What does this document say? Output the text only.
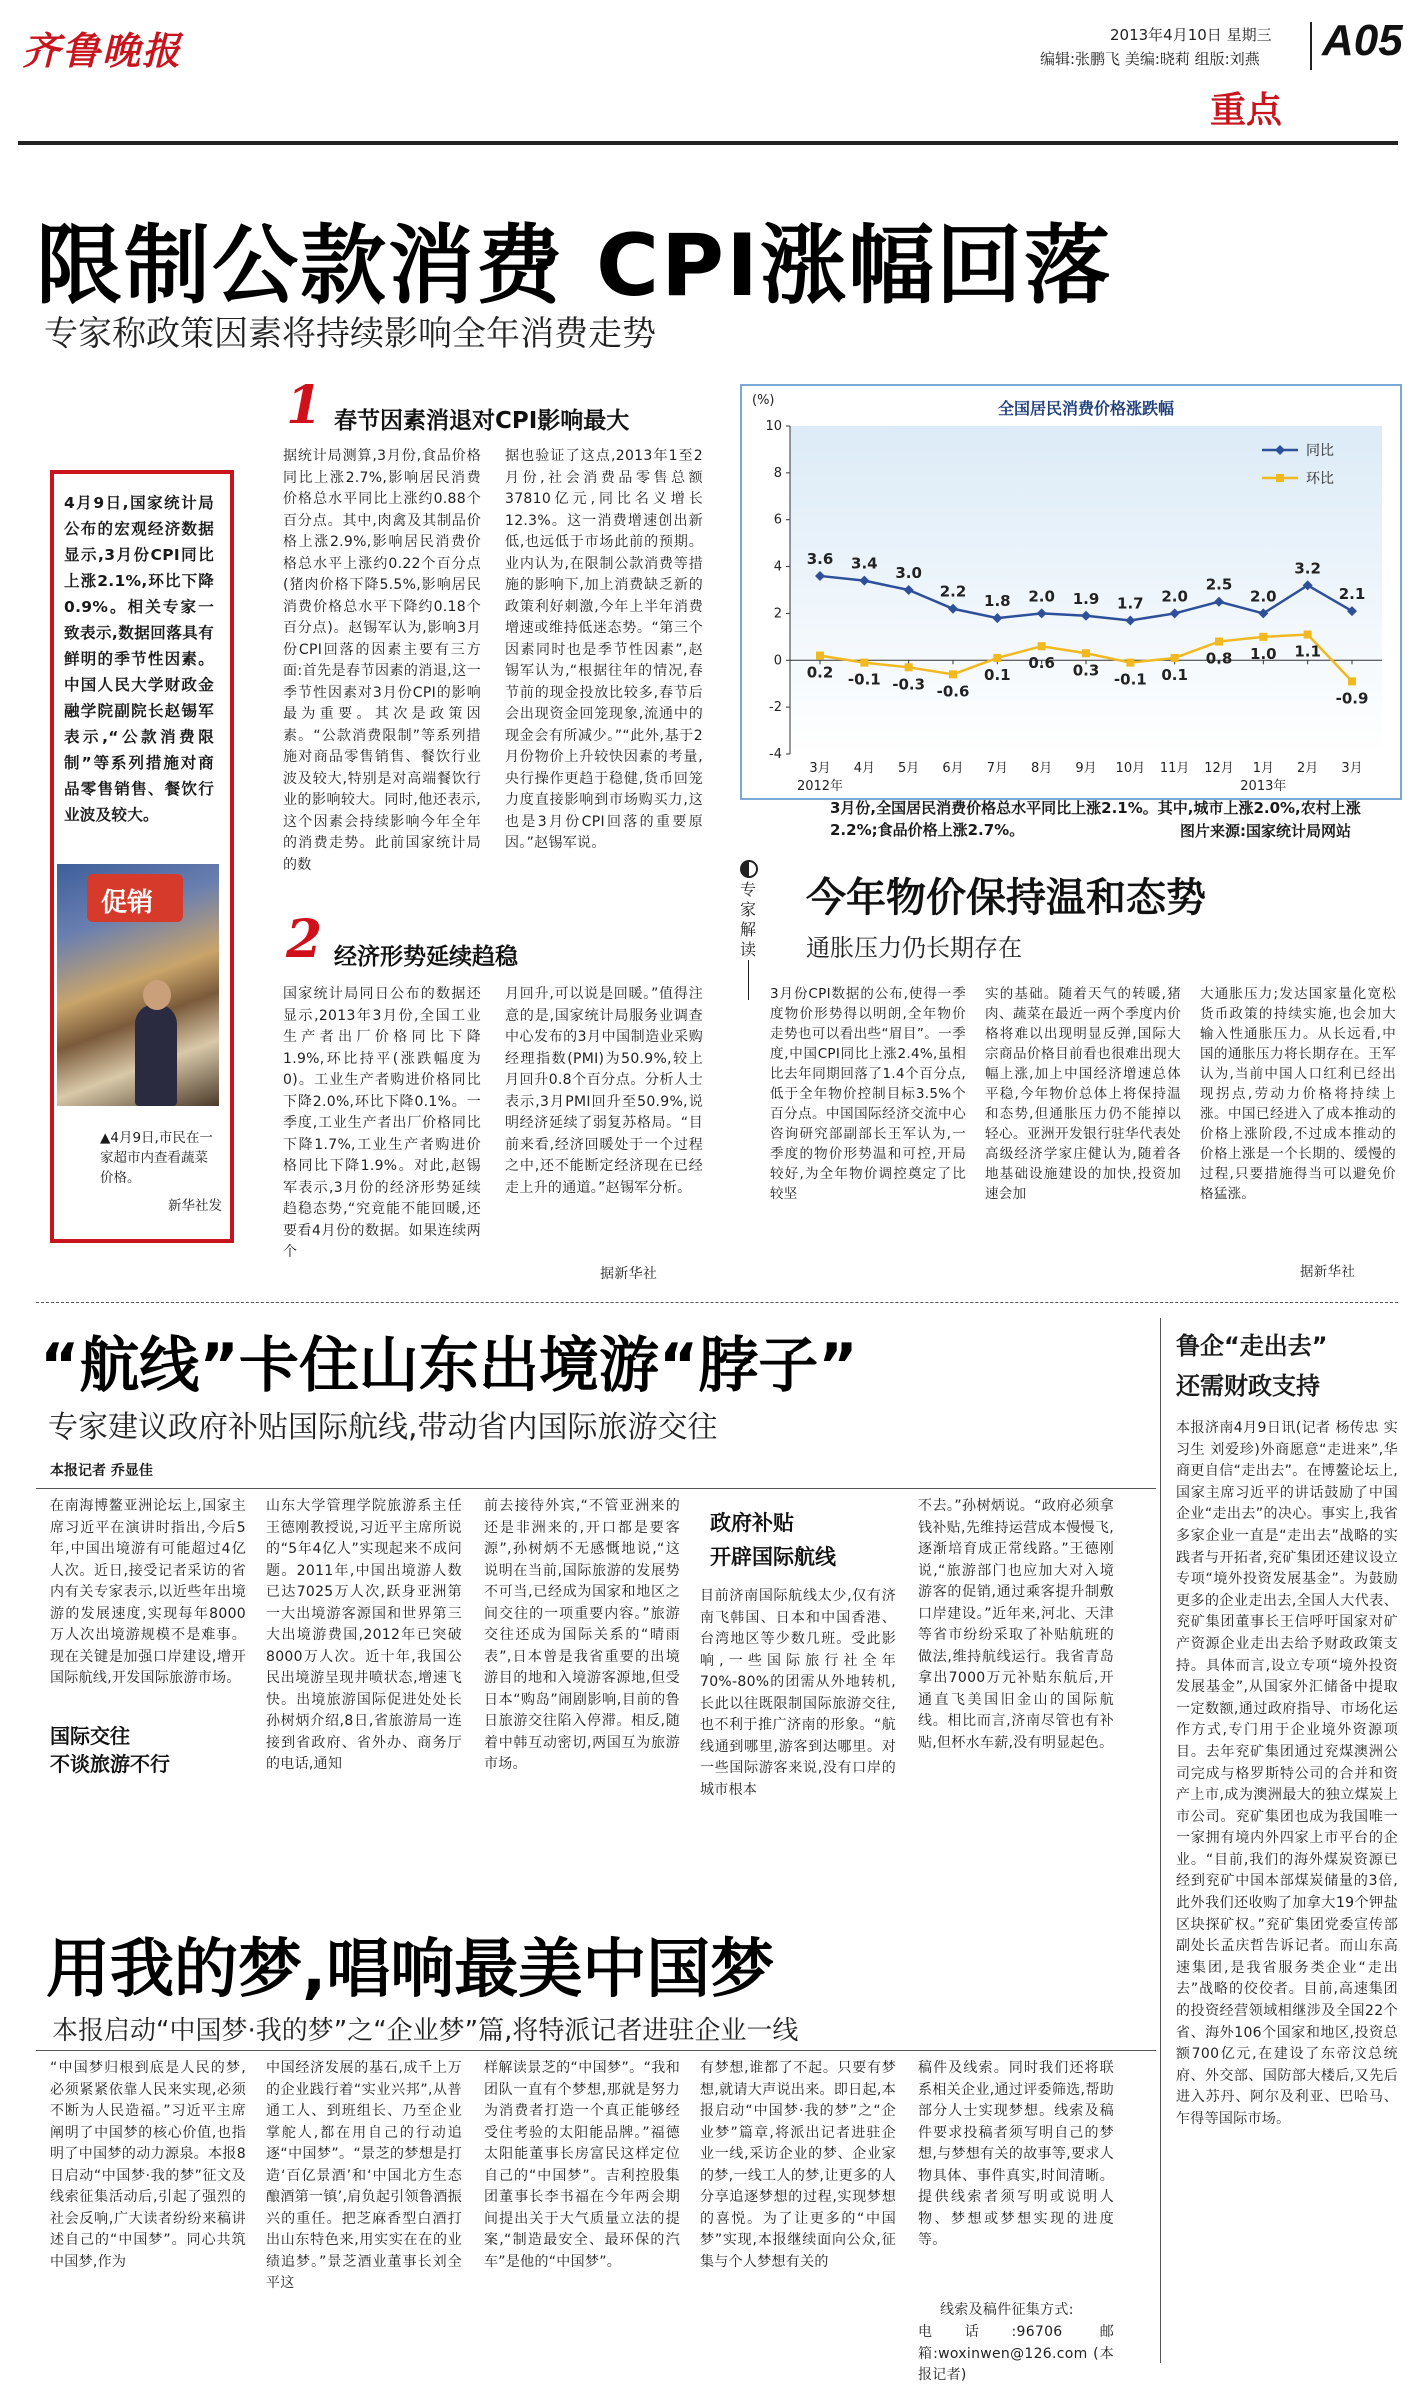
齐鲁晚报	2013年4月10日 星期三
编辑:张鹏飞 美编:晓莉 组版:刘燕 A05
重点
限制公款消费 CPI涨幅回落
专家称政策因素将持续影响全年消费走势
4月9日,国家统计局公布的宏观经济数据显示,3月份CPI同比上涨2.1%,环比下降0.9%。相关专家一致表示,数据回落具有鲜明的季节性因素。中国人民大学财政金融学院副院长赵锡军表示,“公款消费限制”等系列措施对商品零售销售、餐饮行业波及较大。
促销
▲4月9日,市民在一家超市内查看蔬菜价格。
新华社发
1 春节因素消退对CPI影响最大
据统计局测算,3月份,食品价格同比上涨2.7%,影响居民消费价格总水平同比上涨约0.88个百分点。其中,肉禽及其制品价格上涨2.9%,影响居民消费价格总水平上涨约0.22个百分点(猪肉价格下降5.5%,影响居民消费价格总水平下降约0.18个百分点)。赵锡军认为,影响3月份CPI回落的因素主要有三方面:首先是春节因素的消退,这一季节性因素对3月份CPI的影响最为重要。其次是政策因素。“公款消费限制”等系列措施对商品零售销售、餐饮行业波及较大,特别是对高端餐饮行业的影响较大。同时,他还表示,这个因素会持续影响今年全年的消费走势。此前国家统计局的数
据也验证了这点,2013年1至2月份,社会消费品零售总额37810亿元,同比名义增长12.3%。这一消费增速创出新低,也远低于市场此前的预期。业内认为,在限制公款消费等措施的影响下,加上消费缺乏新的政策利好刺激,今年上半年消费增速或维持低迷态势。“第三个因素同时也是季节性因素”,赵锡军认为,“根据往年的情况,春节前的现金投放比较多,春节后会出现资金回笼现象,流通中的现金会有所减少。”“此外,基于2月份物价上升较快因素的考量,央行操作更趋于稳健,货币回笼力度直接影响到市场购买力,这也是3月份CPI回落的重要原因。”赵锡军说。
2 经济形势延续趋稳
国家统计局同日公布的数据还显示,2013年3月份,全国工业生产者出厂价格同比下降1.9%,环比持平(涨跌幅度为0)。工业生产者购进价格同比下降2.0%,环比下降0.1%。一季度,工业生产者出厂价格同比下降1.7%,工业生产者购进价格同比下降1.9%。对此,赵锡军表示,3月份的经济形势延续趋稳态势,“究竟能不能回暖,还要看4月份的数据。如果连续两个
月回升,可以说是回暖。”值得注意的是,国家统计局服务业调查中心发布的3月中国制造业采购经理指数(PMI)为50.9%,较上月回升0.8个百分点。分析人士表示,3月PMI回升至50.9%,说明经济延续了弱复苏格局。“目前来看,经济回暖处于一个过程之中,还不能断定经济现在已经走上升的通道。”赵锡军分析。
据新华社
全国居民消费价格涨跌幅
(%)
10
8
6
4
2
0
-2
-4
3月 4月 5月 6月 7月 8月 9月 10月 11月 12月 1月 2月 3月
2012年	2013年
3.6 3.4
3.0
2.2
1.8 2.0 1.9 1.7 2.0
2.5
2.0
3.2
2.1
0.2 -0.1 -0.3 -0.6
0.1
0.6 0.3
-0.1 0.1
0.8 1.0 1.1
-0.9
同比
环比
3月份,全国居民消费价格总水平同比上涨2.1%。其中,城市上涨2.0%,农村上涨2.2%;食品价格上涨2.7%。	图片来源:国家统计局网站
专家解读
今年物价保持温和态势
通胀压力仍长期存在
3月份CPI数据的公布,使得一季度物价形势得以明朗,全年物价走势也可以看出些“眉目”。一季度,中国CPI同比上涨2.4%,虽相比去年同期回落了1.4个百分点,低于全年物价控制目标3.5%个百分点。中国国际经济交流中心咨询研究部副部长王军认为,一季度的物价形势温和可控,开局较好,为全年物价调控奠定了比较坚
实的基础。随着天气的转暖,猪肉、蔬菜在最近一两个季度内价格将难以出现明显反弹,国际大宗商品价格目前看也很难出现大幅上涨,加上中国经济增速总体平稳,今年物价总体上将保持温和态势,但通胀压力仍不能掉以轻心。亚洲开发银行驻华代表处高级经济学家庄健认为,随着各地基础设施建设的加快,投资加速会加
大通胀压力;发达国家量化宽松货币政策的持续实施,也会加大输入性通胀压力。从长远看,中国的通胀压力将长期存在。王军认为,当前中国人口红利已经出现拐点,劳动力价格将持续上涨。中国已经进入了成本推动的价格上涨阶段,不过成本推动的价格上涨是一个长期的、缓慢的过程,只要措施得当可以避免价格猛涨。
据新华社
“航线”卡住山东出境游“脖子”
专家建议政府补贴国际航线,带动省内国际旅游交往
本报记者 乔显佳
在南海博鳌亚洲论坛上,国家主席习近平在演讲时指出,今后5年,中国出境游有可能超过4亿人次。近日,接受记者采访的省内有关专家表示,以近些年出境游的发展速度,实现每年8000万人次出境游规模不是难事。现在关键是加强口岸建设,增开国际航线,开发国际旅游市场。
国际交往
不谈旅游不行
山东大学管理学院旅游系主任王德刚教授说,习近平主席所说的“5年4亿人”实现起来不成问题。2011年,中国出境游人数已达7025万人次,跃身亚洲第一大出境游客源国和世界第三大出境游费国,2012年已突破8000万人次。近十年,我国公民出境游呈现井喷状态,增速飞快。出境旅游国际促进处处长孙树炳介绍,8日,省旅游局一连接到省政府、省外办、商务厅的电话,通知
前去接待外宾,“不管亚洲来的还是非洲来的,开口都是要客源”,孙树炳不无感慨地说,“这说明在当前,国际旅游的发展势不可当,已经成为国家和地区之间交往的一项重要内容。”旅游交往还成为国际关系的“晴雨表”,日本曾是我省重要的出境游目的地和入境游客源地,但受日本“购岛”闹剧影响,目前的鲁日旅游交往陷入停滞。相反,随着中韩互动密切,两国互为旅游市场。
政府补贴
开辟国际航线
目前济南国际航线太少,仅有济南飞韩国、日本和中国香港、台湾地区等少数几班。受此影响,一些国际旅行社全年70%-80%的团需从外地转机,长此以往既限制国际旅游交往,也不利于推广济南的形象。“航线通到哪里,游客到达哪里。对一些国际游客来说,没有口岸的城市根本
不去。”孙树炳说。“政府必须拿钱补贴,先维持运营成本慢慢飞,逐渐培育成正常线路。”王德刚说,“旅游部门也应加大对入境游客的促销,通过乘客提升制敷口岸建设。”近年来,河北、天津等省市纷纷采取了补贴航班的做法,维持航线运行。我省青岛拿出7000万元补贴东航后,开通直飞美国旧金山的国际航线。相比而言,济南尽管也有补贴,但杯水车薪,没有明显起色。
鲁企“走出去”
还需财政支持
本报济南4月9日讯(记者 杨传忠 实习生 刘爱珍)外商愿意“走进来”,华商更自信“走出去”。在博鳌论坛上,国家主席习近平的讲话鼓励了中国企业“走出去”的决心。事实上,我省多家企业一直是“走出去”战略的实践者与开拓者,兖矿集团还建议设立专项“境外投资发展基金”。为鼓励更多的企业走出去,全国人大代表、兖矿集团董事长王信呼吁国家对矿产资源企业走出去给予财政政策支持。具体而言,设立专项“境外投资发展基金”,从国家外汇储备中提取一定数额,通过政府指导、市场化运作方式,专门用于企业境外资源项目。去年兖矿集团通过兖煤澳洲公司完成与格罗斯特公司的合并和资产上市,成为澳洲最大的独立煤炭上市公司。兖矿集团也成为我国唯一一家拥有境内外四家上市平台的企业。“目前,我们的海外煤炭资源已经到兖矿中国本部煤炭储量的3倍,此外我们还收购了加拿大19个钾盐区块探矿权。”兖矿集团党委宣传部副处长孟庆哲告诉记者。而山东高速集团,是我省服务类企业“走出去”战略的佼佼者。目前,高速集团的投资经营领域相继涉及全国22个省、海外106个国家和地区,投资总额700亿元,在建设了东帝汶总统府、外交部、国防部大楼后,又先后进入苏丹、阿尔及利亚、巴哈马、乍得等国际市场。
用我的梦,唱响最美中国梦
本报启动“中国梦·我的梦”之“企业梦”篇,将特派记者进驻企业一线
“中国梦归根到底是人民的梦,必须紧紧依靠人民来实现,必须不断为人民造福。”习近平主席阐明了中国梦的核心价值,也指明了中国梦的动力源泉。本报8日启动“中国梦·我的梦”征文及线索征集活动后,引起了强烈的社会反响,广大读者纷纷来稿讲述自己的“中国梦”。同心共筑中国梦,作为
中国经济发展的基石,成千上万的企业践行着“实业兴邦”,从普通工人、到班组长、乃至企业掌舵人,都在用自己的行动追逐“中国梦”。“景芝的梦想是打造‘百亿景酒’和‘中国北方生态酿酒第一镇’,肩负起引领鲁酒振兴的重任。把芝麻香型白酒打出山东特色来,用实实在在的业绩追梦。”景芝酒业董事长刘全平这
样解读景芝的“中国梦”。“我和团队一直有个梦想,那就是努力为消费者打造一个真正能够经受住考验的太阳能品牌。”福德太阳能董事长房富民这样定位自己的“中国梦”。吉利控股集团董事长李书福在今年两会期间提出关于大气质量立法的提案,“制造最安全、最环保的汽车”是他的“中国梦”。
有梦想,谁都了不起。只要有梦想,就请大声说出来。即日起,本报启动“中国梦·我的梦”之“企业梦”篇章,将派出记者进驻企业一线,采访企业的梦、企业家的梦,一线工人的梦,让更多的人分享追逐梦想的过程,实现梦想的喜悦。为了让更多的“中国梦”实现,本报继续面向公众,征集与个人梦想有关的
稿件及线索。同时我们还将联系相关企业,通过评委筛选,帮助部分人士实现梦想。线索及稿件要求投稿者须写明自己的梦想,与梦想有关的故事等,要求人物具体、事件真实,时间清晰。提供线索者须写明或说明人物、梦想或梦想实现的进度等。
线索及稿件征集方式:
电话:96706 邮箱:woxinwen@126.com (本报记者)
